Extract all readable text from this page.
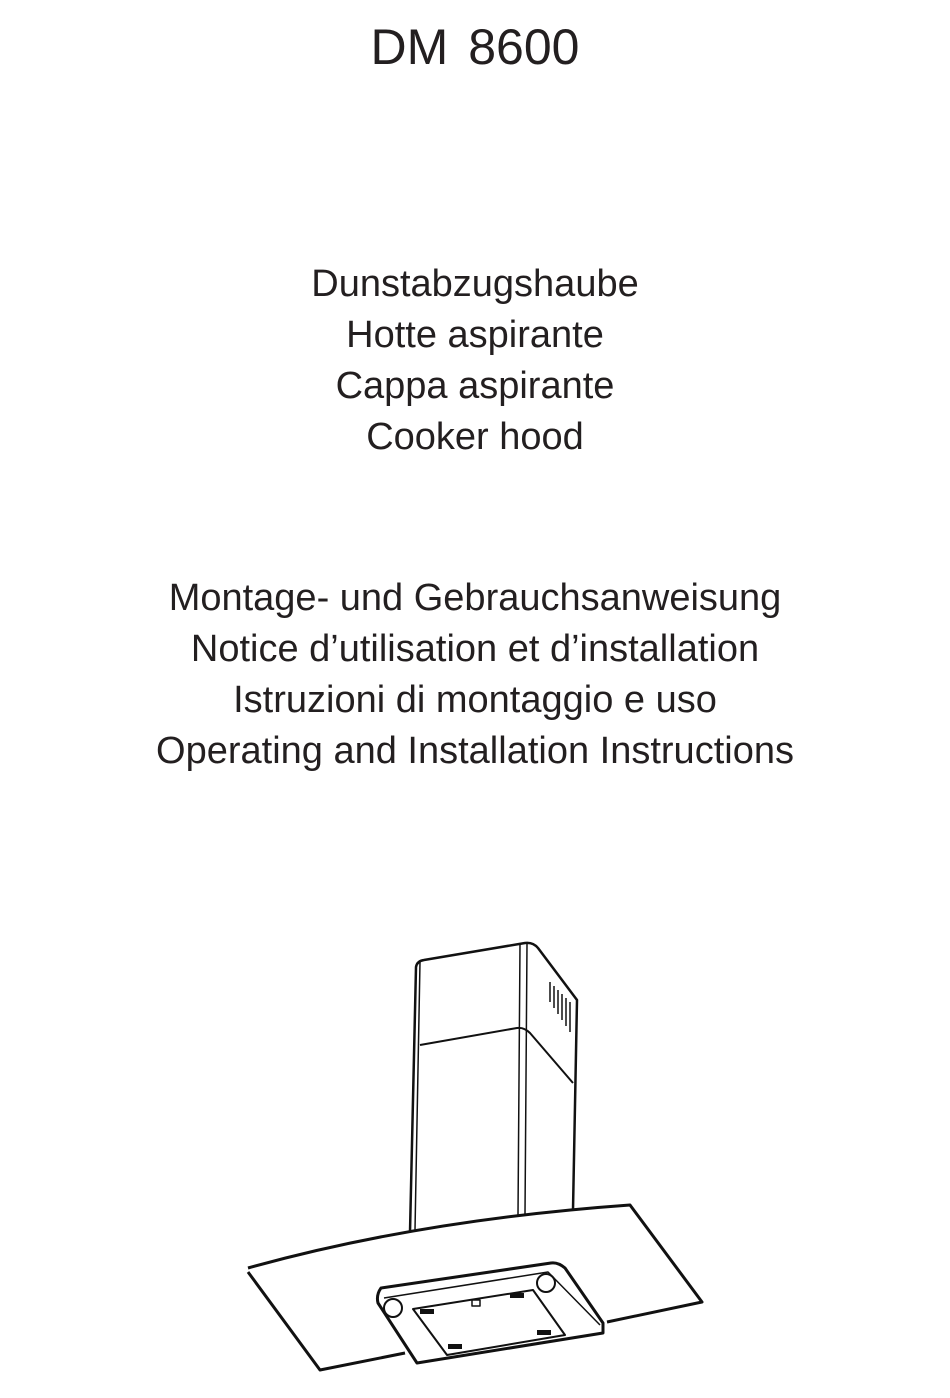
DM 8600
Dunstabzugshaube
Hotte aspirante
Cappa aspirante
Cooker hood
Montage- und Gebrauchsanweisung
Notice d’utilisation et d’installation
Istruzioni di montaggio e uso
Operating and Installation Instructions
